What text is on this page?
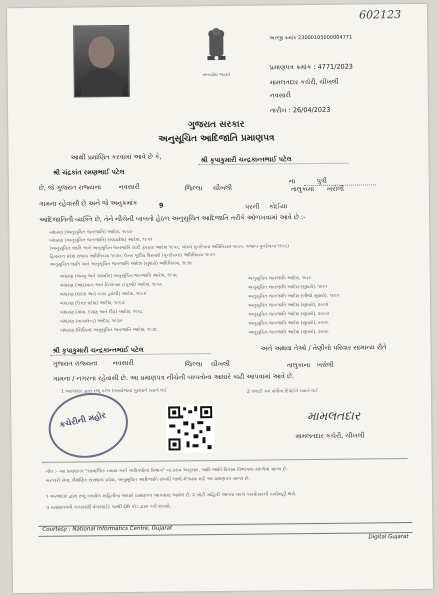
602123
સત્યમેવ જયતે
અરજી ક્રમાંક 23000105000004771
પ્રમાણપત્ર ક્રમાંક : 4771/2023
મામલતદાર કચેરી, ચીખલી
નવસારી
તારીખ : 26/04/2023
ગુજરાત સરકાર
અનુસૂચિત આદિજાતિ પ્રમાણપત્ર
આથી પ્રમાણિત કરવામાં આવે છે કે,	શ્રી કૃપાકુમારી ચન્દ્રકાન્તભાઈ પટેલ
શ્રી ચંદ્રકાંત રમણભાઈ પટેલ
ના	પુત્રી
છે, જે ગુજરાત રાજ્યના	નવસારી	જિલ્લા ચીખલી	તાલુકામાં ખરોલી
ગામના રહેવાસી છે અને જે અનુક્રમાંક	9	પરની કોઈયા
આદિજાતિની વ્યક્તિ છે, તેને નીચેની બાબતો હેઠળ અનુસૂચિત આદિજાતિ તરીકે ઓળખવામાં આવે છે :-
બંધારણ (અનુસૂચિત જનજાતિ) આદેશ, ૧૯૫૦
બંધારણ (અનુસૂચિત જનજાતિ) (સંઘપ્રદેશ) આદેશ, ૧૯૫૧
(અનુસૂચિત જાતિ અને અનુસૂચિત જનજાતિ યાદી ફેરફાર આદેશ ૧૯૫૬, બોમ્બે પુનર્રચના અધિનિયમ ૧૯૬૦, પંજાબ પુનર્રચના ૧૯૬૬)
હિમાચલ પ્રદેશ રાજ્ય અધિનિયમ ૧૯૭૦, ઉત્તર પૂર્વીય વિસ્તારો (પુનર્રચના) અધિનિયમ ૧૯૭૧
અનુસૂચિત જાતિ અને અનુસૂચિત જનજાતિ આદેશ (સુધારો) અધિનિયમ, ૧૯૭૬
બંધારણ (જમ્મુ અને કાશ્મીર) અનુસૂચિત જનજાતિ આદેશ, ૧૯૫૬
બંધારણ (આંદામાન અને નિકોબાર ટાપુઓ) આદેશ, ૧૯૫૯
બંધારણ (દાદરા અને નગર હવેલી) આદેશ, ૧૯૬૨
બંધારણ (ઉત્તર પ્રદેશ) આદેશ, ૧૯૬૭
બંધારણ (ગોવા, દમણ અને દીવ) આદેશ, ૧૯૬૮
બંધારણ (નાગાલેન્ડ) આદેશ, ૧૯૭૦
બંધારણ (સિક્કિમ) અનુસૂચિત જનજાતિ આદેશ, ૧૯૭૮
અનુસૂચિત જનજાતિ આદેશ, ૧૯૮૯
અનુસૂચિત જનજાતિ આદેશ (સુધારો), ૧૯૯૧
અનુસૂચિત જનજાતિ આદેશ (બીજો સુધારો), ૧૯૯૧
અનુસૂચિત જનજાતિ આદેશ (સુધારો), ૨૦૦૨
અનુસૂચિત જનજાતિ આદેશ (સુધારો), ૨૦૦૩
અનુસૂચિત જનજાતિ આદેશ (સુધારો), ૨૦૦૬
અનુસૂચિત જનજાતિ આદેશ (સુધારો), ૨૦૦૮
શ્રી કૃપાકુમારી ચન્દ્રકાન્તભાઈ પટેલ	અને અથવા તેઓ / તેણીનો પરિવાર સામાન્ય રીતે
ગુજરાત રાજ્યના નવસારી	જિલ્લા ચીખલી	તાલુકાના ખરોલી
ગામના / નગરના રહેવાસી છે. આ પ્રમાણપત્ર નીચેની બાબતોના આધારે કાઢી આપવામાં આવે છે.
1 અરજદાર દ્વારા રજૂ કરેલ દસ્તાવેજના પુરાવાને ધ્યાને લઈ	2 તલાટી કમ મંત્રીના રિપોર્ટને ધ્યાને લઈ
કચેરીની મહોર	મામલતદાર
મામલતદાર કચેરી, ચીખલી
નોંધ :- આ પ્રમાણપત્ર "સામાજિક ન્યાય અને અધિકારિતા વિભાગ" ના ઠરાવ અનુસાર, આદિ-જાતિ વિકાસ વિભાગના સંદર્ભમાં માન્ય છે.
સરકારી સેવા, શૈક્ષણિક સંસ્થામાં પ્રવેશ, અનુસૂચિત આદિજાતિ સંબંધી લાભો મેળવવા માટે આ પ્રમાણપત્ર માન્ય છે.
૧ અરજદાર દ્વારા રજૂ કરાયેલ માહિતીના આધારે પ્રમાણપત્ર આપવામાં આવેલ છે. ૨ ખોટી માહિતી આપવા બદલ કાયદેસરની કાર્યવાહી થશે.
૩ પ્રમાણપત્રની ચકાસણી વેબસાઈટ પરથી QR કોડ દ્વારા કરી શકાશે.
Courtesy : National Informatics Centre, Gujarat
Digital Gujarat
